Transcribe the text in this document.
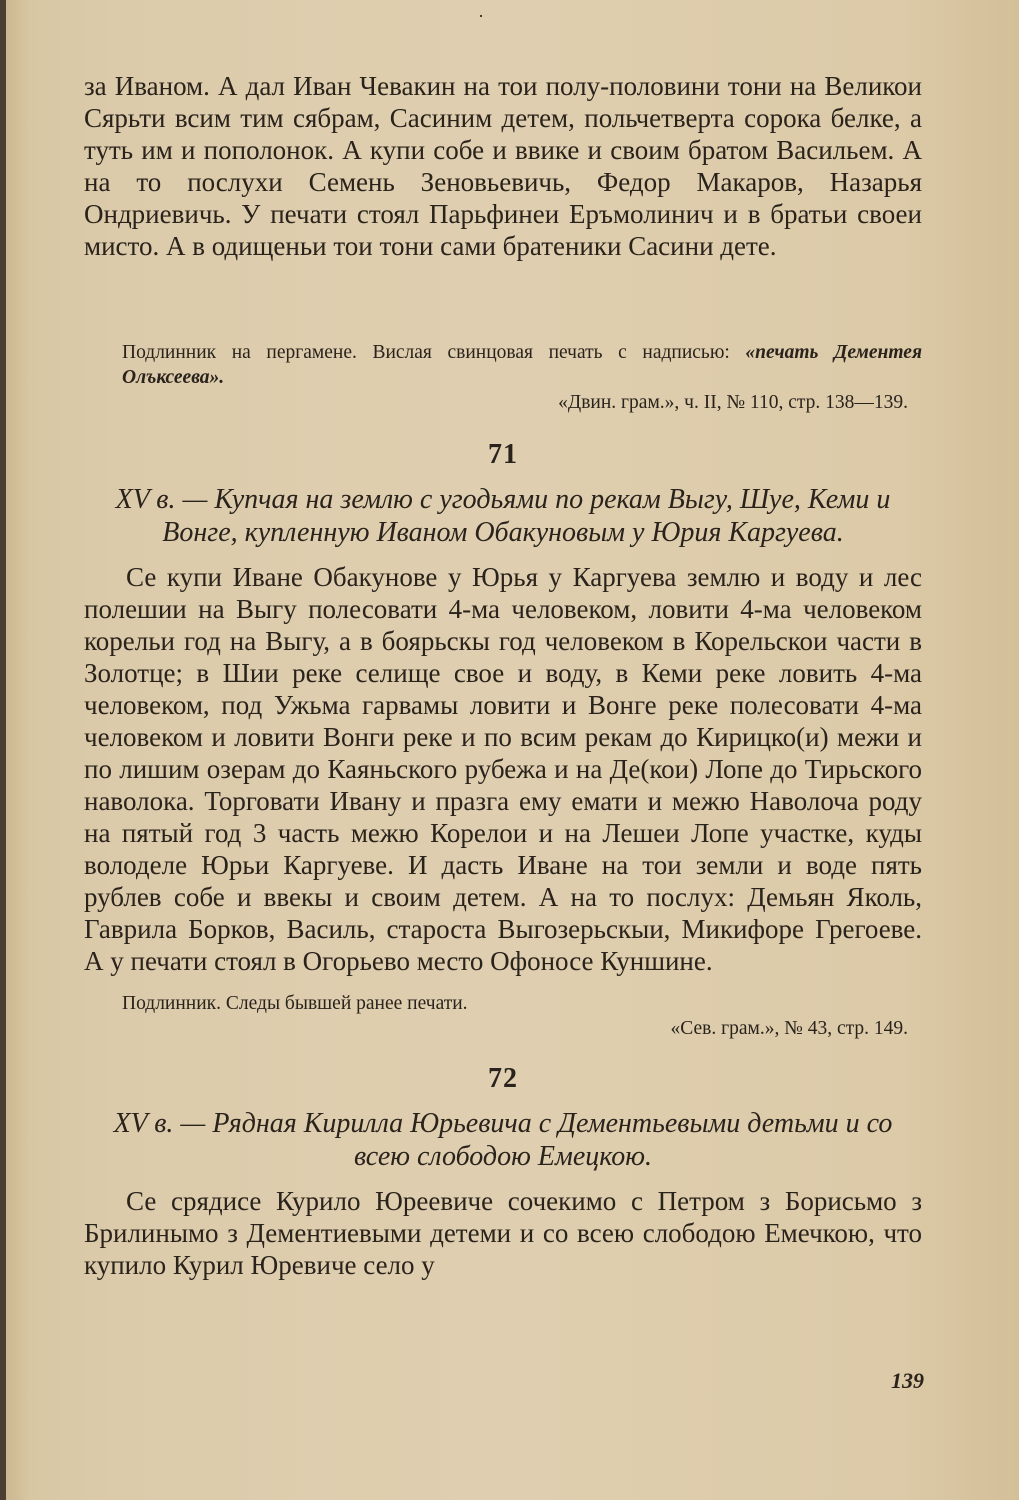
·

за Иваном. А дал Иван Чевакин на тои полу-половини тони на Великои Сярьти всим тим сябрам, Сасиним детем, польчетверта сорока белке, а туть им и пополонок. А купи собе и ввике и своим братом Васильем. А на то послухи Семень Зеновьевичь, Федор Макаров, Назарья Ондриевичь. У печати стоял Парьфинеи Еръмолинич и в братьи своеи мисто. А в одищеньи тои тони сами братеники Сасини дете.

Подлинник на пергамене. Вислая свинцовая печать с надписью: «печать Дементея Олъксеева».

«Двин. грам.», ч. II, № 110, стр. 138—139.

71

XV в. — Купчая на землю с угодьями по рекам Выгу, Шуе, Кеми и Вонге, купленную Иваном Обакуновым у Юрия Каргуева.

Се купи Иване Обакунове у Юрья у Каргуева землю и воду и лес полешии на Выгу полесовати 4-ма человеком, ловити 4-ма человеком корельи год на Выгу, а в боярьскы год человеком в Корельскои части в Золотце; в Шии реке селище свое и воду, в Кеми реке ловить 4-ма человеком, под Ужьма гарвамы ловити и Вонге реке полесовати 4-ма человеком и ловити Вонги реке и по всим рекам до Кирицко(и) межи и по лишим озерам до Каяньского рубежа и на Де(кои) Лопе до Тирьского наволока. Торговати Ивану и празга ему емати и межю Наволоча роду на пятый год 3 часть межю Корелои и на Лешеи Лопе участке, куды володеле Юрьи Каргуеве. И дасть Иване на тои земли и воде пять рублев собе и ввекы и своим детем. А на то послух: Демьян Яколь, Гаврила Борков, Василь, староста Выгозерьскыи, Микифоре Грегоеве. А у печати стоял в Огорьево место Офоносе Куншине.

Подлинник. Следы бывшей ранее печати.

«Сев. грам.», № 43, стр. 149.

72

XV в. — Рядная Кирилла Юрьевича с Дементьевыми детьми и со всею слободою Емецкою.

Се срядисе Курило Юреевиче сочекимо с Петром з Борисьмо з Брилинымо з Дементиевыми детеми и со всею слободою Емечкою, что купило Курил Юревиче село у

139
